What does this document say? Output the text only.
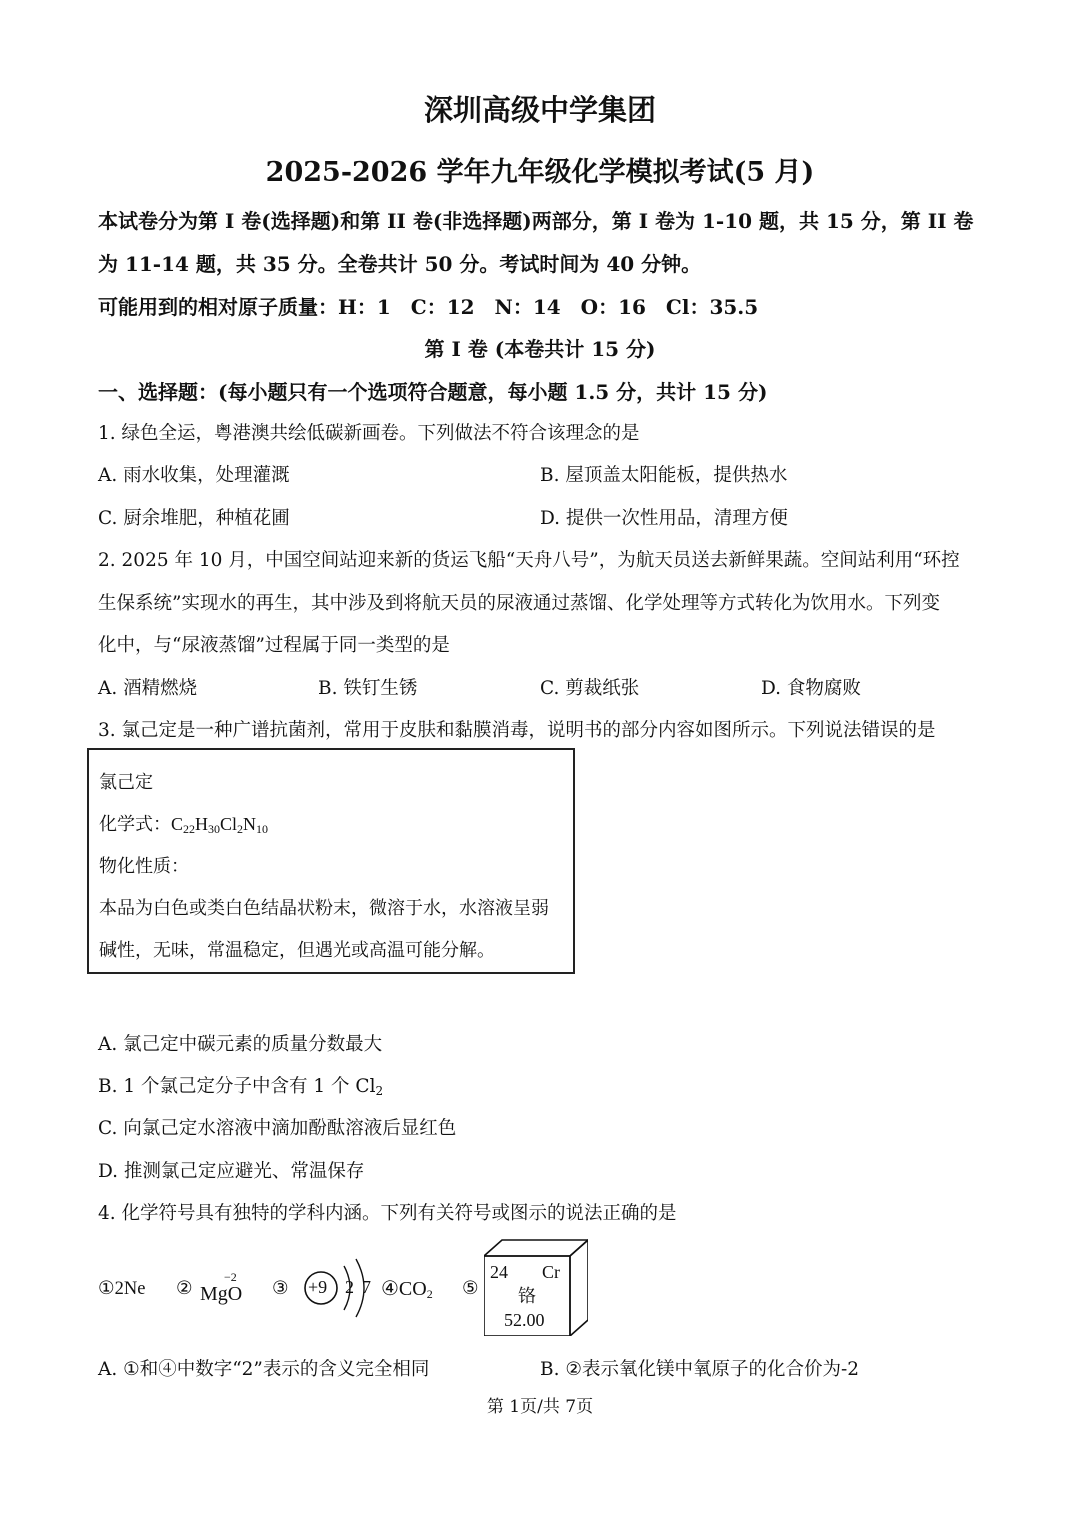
深圳高级中学集团
2025-2026 学年九年级化学模拟考试(5 月)
本试卷分为第 I 卷(选择题)和第 II 卷(非选择题)两部分，第 I 卷为 1-10 题，共 15 分，第 II 卷
为 11-14 题，共 35 分。全卷共计 50 分。考试时间为 40 分钟。
可能用到的相对原子质量：H：1　C：12　N：14　O：16　Cl：35.5
第 I 卷 (本卷共计 15 分)
一、选择题：(每小题只有一个选项符合题意，每小题 1.5 分，共计 15 分)
1. 绿色全运，粤港澳共绘低碳新画卷。下列做法不符合该理念的是
A. 雨水收集，处理灌溉	B. 屋顶盖太阳能板，提供热水
C. 厨余堆肥，种植花圃	D. 提供一次性用品，清理方便
2. 2025 年 10 月，中国空间站迎来新的货运飞船“天舟八号”，为航天员送去新鲜果蔬。空间站利用“环控
生保系统”实现水的再生，其中涉及到将航天员的尿液通过蒸馏、化学处理等方式转化为饮用水。下列变
化中，与“尿液蒸馏”过程属于同一类型的是
A. 酒精燃烧	B. 铁钉生锈	C. 剪裁纸张	D. 食物腐败
3. 氯己定是一种广谱抗菌剂，常用于皮肤和黏膜消毒，说明书的部分内容如图所示。下列说法错误的是
氯己定
化学式：$C_{22}H_{30}Cl_2N_{10}$
物化性质：
本品为白色或类白色结晶状粉末，微溶于水，水溶液呈弱
碱性，无味，常温稳定，但遇光或高温可能分解。
A. 氯己定中碳元素的质量分数最大
B. 1 个氯己定分子中含有 1 个 $Cl_2$
C. 向氯己定水溶液中滴加酚酞溶液后显红色
D. 推测氯己定应避光、常温保存
4. 化学符号具有独特的学科内涵。下列有关符号或图示的说法正确的是
①2Ne ②
−2
MgO ③ +9 2 7 $④CO_2$ ⑤
24 Cr
铬
52.00
A. ①和④中数字“2”表示的含义完全相同	B. ②表示氧化镁中氧原子的化合价为-2
第 1页/共 7页
